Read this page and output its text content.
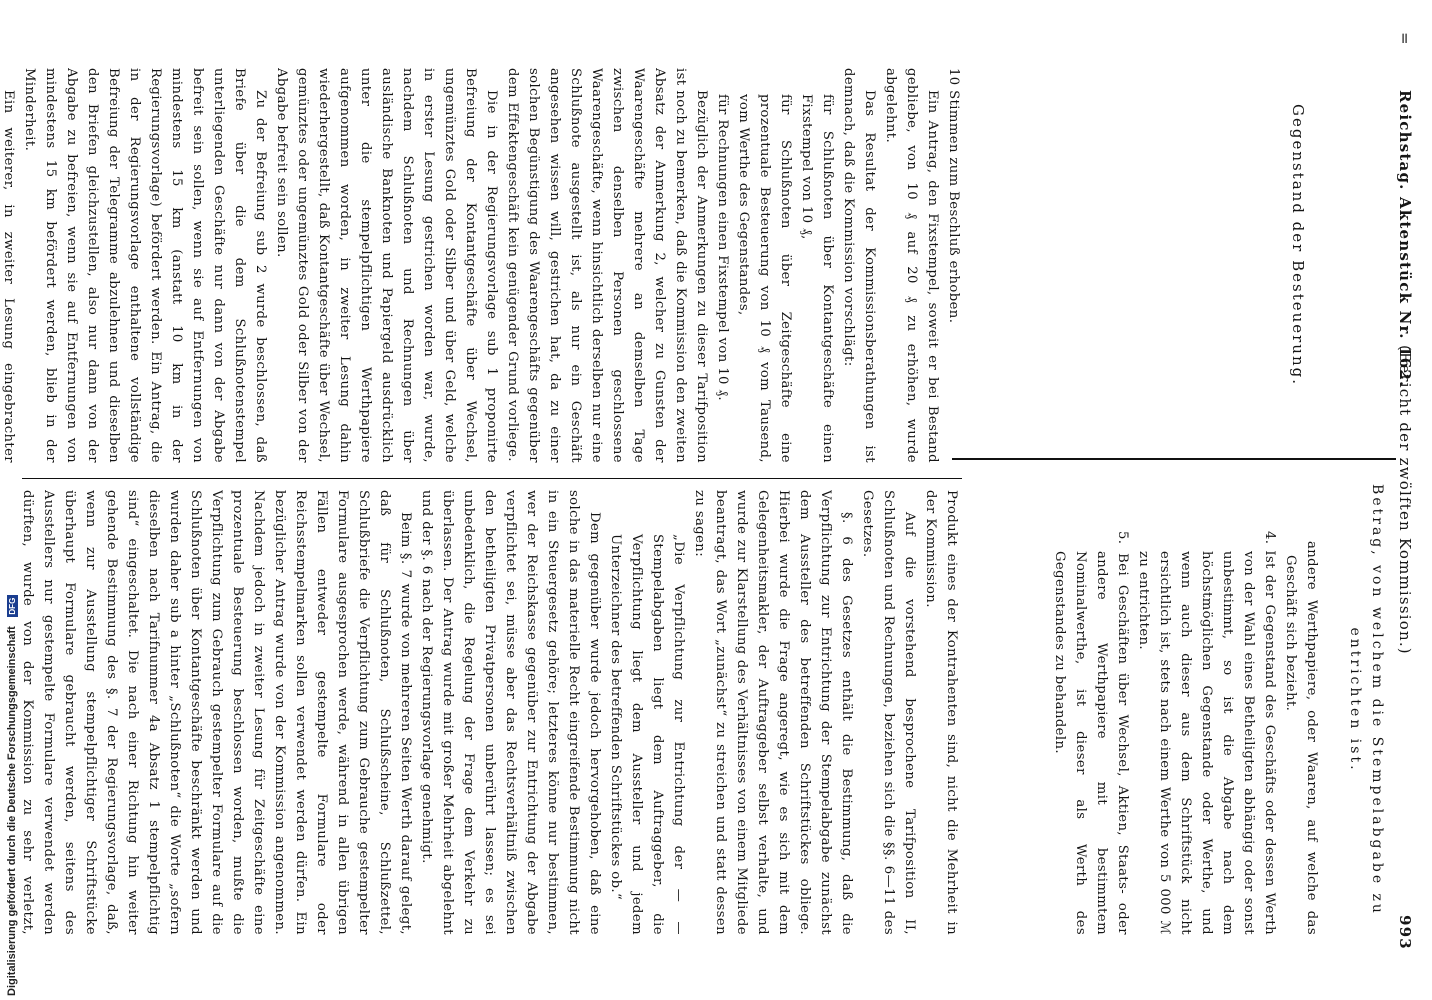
Reichstag. Aktenstück Nr. 162.
(Bericht der zwölften Kommission.)
993
Gegenstand der Besteuerung.
Betrag, von welchem die Stempelabgabe zu entrichten ist.

andere Werthpapiere, oder Waaren, auf welche das Geschäft sich bezieht.

4. Ist der Gegenstand des Geschäfts oder dessen Werth von der Wahl eines Betheiligten abhängig oder sonst unbestimmt, so ist die Abgabe nach dem höchstmöglichen Gegenstande oder Werthe, und wenn auch dieser aus dem Schriftstück nicht ersichtlich ist, stets nach einem Werthe von 5 000 ℳ zu entrichten.

5. Bei Geschäften über Wechsel, Aktien, Staats- oder andere Werthpapiere mit bestimmtem Nominalwerthe, ist dieser als Werth des Gegenstandes zu behandeln.

10 Stimmen zum Beschluß erhoben.

Ein Antrag, den Fixstempel, soweit er bei Bestand gebliebe, von 10 ₰ auf 20 ₰ zu erhöhen, wurde abgelehnt.

Das Resultat der Kommissionsberathungen ist demnach, daß die Kommission vorschlägt:

für Schlußnoten über Kontantgeschäfte einen Fixstempel von 10 ₰,

für Schlußnoten über Zeitgeschäfte eine prozentuale Besteuerung von 10 ₰ vom Tausend, vom Werthe des Gegenstandes,

für Rechnungen einen Fixstempel von 10 ₰.

Bezüglich der Anmerkungen zu dieser Tarifposition ist noch zu bemerken, daß die Kommission den zweiten Absatz der Anmerkung 2, welcher zu Gunsten der Waarengeschäfte mehrere an demselben Tage zwischen denselben Personen geschlossene Waarengeschäfte, wenn hinsichtlich derselben nur eine Schlußnote ausgestellt ist, als nur ein Geschäft angesehen wissen will, gestrichen hat, da zu einer solchen Begünstigung des Waarengeschäfts gegenüber dem Effektengeschäft kein genügender Grund vorliege.

Die in der Regierungsvorlage sub 1 proponirte Befreiung der Kontantgeschäfte über Wechsel, ungemünztes Gold oder Silber und über Geld, welche in erster Lesung gestrichen worden war, wurde, nachdem Schlußnoten und Rechnungen über ausländische Banknoten und Papiergeld ausdrücklich unter die stempelpflichtigen Werthpapiere aufgenommen worden, in zweiter Lesung dahin wiederhergestellt, daß Kontantgeschäfte über Wechsel, gemünztes oder ungemünztes Gold oder Silber von der Abgabe befreit sein sollen.

Zu der Befreiung sub 2 wurde beschlossen, daß Briefe über die dem Schlußnotenstempel unterliegenden Geschäfte nur dann von der Abgabe befreit sein sollen, wenn sie auf Entfernungen von mindestens 15 km (anstatt 10 km in der Regierungsvorlage) befördert werden. Ein Antrag, die in der Regierungsvorlage enthaltene vollständige Befreiung der Telegramme abzulehnen und dieselben den Briefen gleichzustellen, also nur dann von der Abgabe zu befreien, wenn sie auf Entfernungen von mindestens 15 km befördert werden, blieb in der Minderheit.

Ein weiterer, in zweiter Lesung eingebrachter

Produkt eines der Kontrahenten sind, nicht die Mehrheit in der Kommission.

Auf die vorstehend besprochene Tarifposition II, Schlußnoten und Rechnungen, beziehen sich die §§. 6—11 des Gesetzes.

§. 6 des Gesetzes enthält die Bestimmung, daß die Verpflichtung zur Entrichtung der Stempelabgabe zunächst dem Aussteller des betreffenden Schriftstückes obliege. Hierbei wurde die Frage angeregt, wie es sich mit dem Gelegenheitsmakler, der Auftraggeber selbst verhalte, und wurde zur Klarstellung des Verhältnisses von einem Mitgliede beantragt, das Wort „zunächst“ zu streichen und statt dessen zu sagen:

„Die Verpflichtung zur Entrichtung der — — Stempelabgaben liegt dem Auftraggeber, die Verpflichtung liegt dem Aussteller und jedem Unterzeichner des betreffenden Schriftstückes ob.“

Dem gegenüber wurde jedoch hervorgehoben, daß eine solche in das materielle Recht eingreifende Bestimmung nicht in ein Steuergesetz gehöre; letzteres könne nur bestimmen, wer der Reichskasse gegenüber zur Entrichtung der Abgabe verpflichtet sei, müsse aber das Rechtsverhältniß zwischen den betheiligten Privatpersonen unberührt lassen; es sei unbedenklich, die Regelung der Frage dem Verkehr zu überlassen. Der Antrag wurde mit großer Mehrheit abgelehnt und der §. 6 nach der Regierungsvorlage genehmigt.

Beim §. 7 wurde von mehreren Seiten Werth darauf gelegt, daß für Schlußnoten, Schlußscheine, Schlußzettel, Schlußbriefe die Verpflichtung zum Gebrauche gestempelter Formulare ausgesprochen werde, während in allen übrigen Fällen entweder gestempelte Formulare oder Reichsstempelmarken sollen verwendet werden dürfen. Ein bezüglicher Antrag wurde von der Kommission angenommen. Nachdem jedoch in zweiter Lesung für Zeitgeschäfte eine prozentuale Besteuerung beschlossen worden, mußte die Verpflichtung zum Gebrauch gestempelter Formulare auf die Schlußnoten über Kontantgeschäfte beschränkt werden und wurden daher sub a hinter „Schlußnoten“ die Worte „sofern dieselben nach Tarifnummer 4a Absatz 1 stempelpflichtig sind“ eingeschaltet. Die nach einer Richtung hin weiter gehende Bestimmung des §. 7 der Regierungsvorlage, daß, wenn zur Ausstellung stempelpflichtiger Schriftstücke überhaupt Formulare gebraucht werden, seitens des Ausstellers nur gestempelte Formulare verwendet werden dürften, wurde von der Kommission zu sehr verletzt,

=
Digitalisierung gefördert durch die Deutsche Forschungsgemeinschaft DFG
